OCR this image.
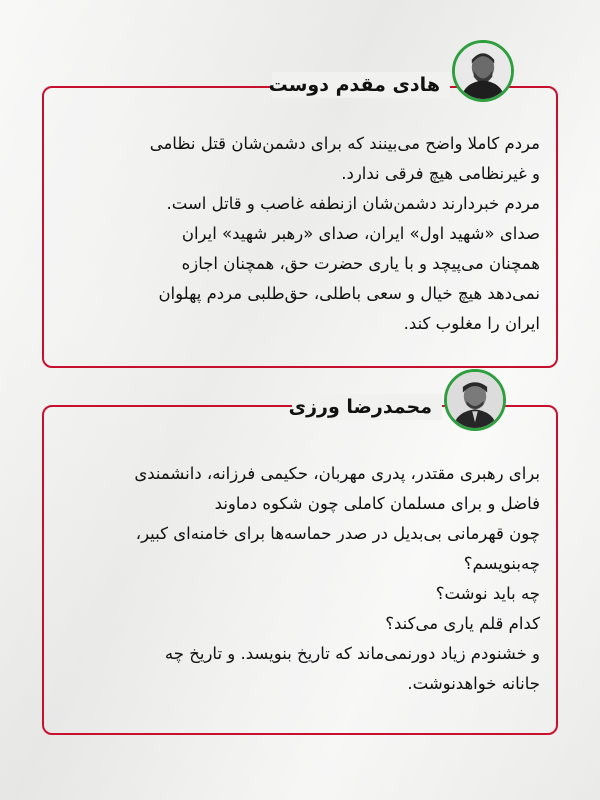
هادی مقدم دوست

مردم کاملا واضح می‌بینند که برای دشمن‌شان قتل نظامی

و غیرنظامی هیچ فرقی ندارد.

مردم خبردارند دشمن‌شان ازنطفه غاصب و قاتل است.

صدای «شهید اول» ایران، صدای «رهبر شهید» ایران

همچنان می‌پیچد و با یاری حضرت حق، همچنان اجازه

نمی‌دهد هیچ خیال و سعی باطلی، حق‌طلبی مردم پهلوان

ایران را مغلوب کند.

محمدرضا ورزی

برای رهبری مقتدر، پدری مهربان، حکیمی فرزانه، دانشمندی

فاضل و برای مسلمان کاملی چون شکوه دماوند

چون قهرمانی بی‌بدیل در صدر حماسه‌ها برای خامنه‌ای کبیر،

چه‌بنویسم؟

چه باید نوشت؟

کدام قلم یاری می‌کند؟

و خشنودم زیاد دورنمی‌ماند که تاریخ بنویسد. و تاریخ چه

جانانه خواهدنوشت.
